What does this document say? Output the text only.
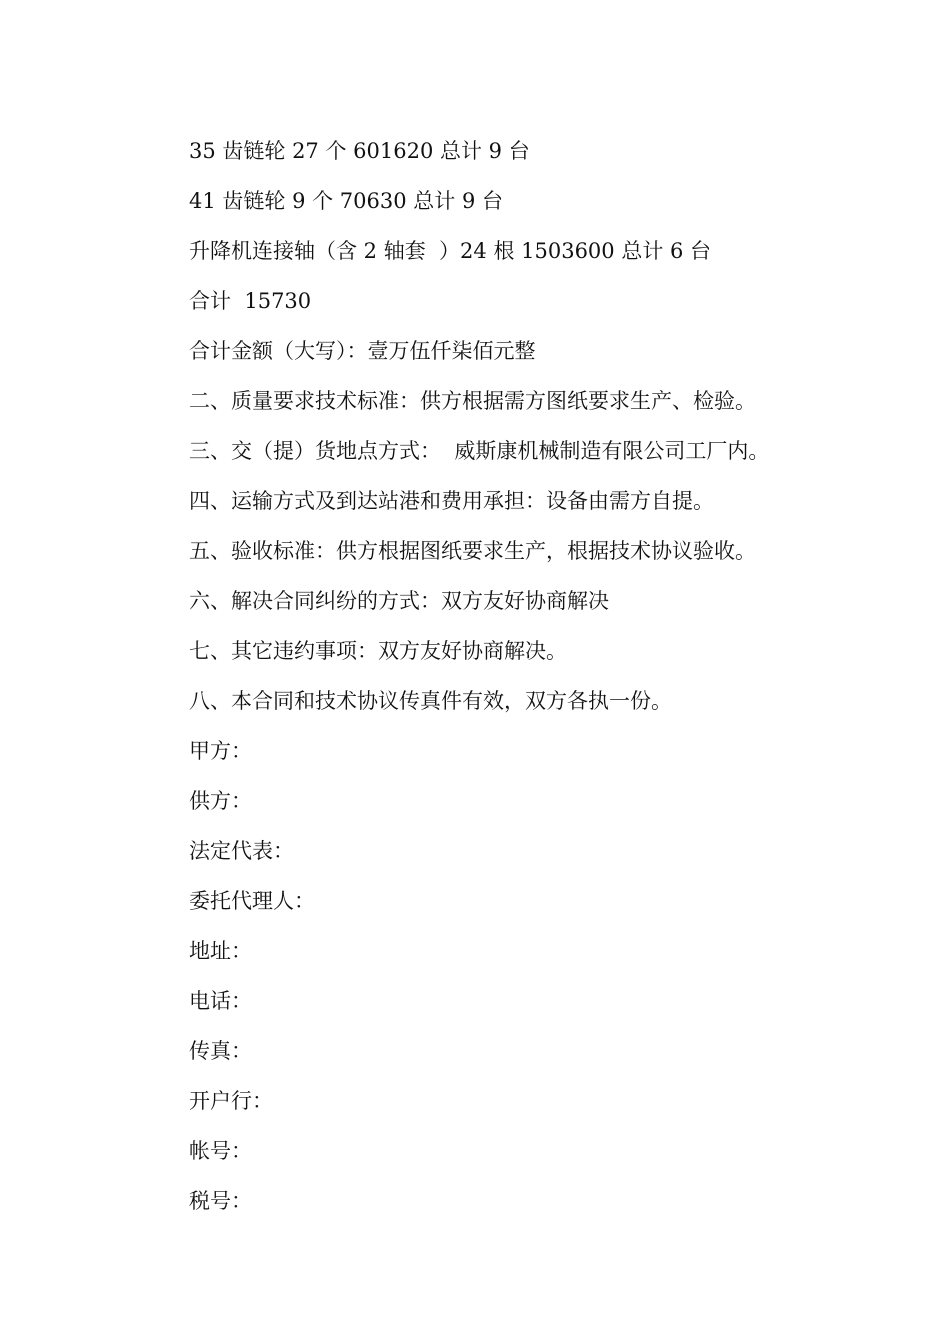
35 齿链轮 27 个 601620 总计 9 台
41 齿链轮 9 个 70630 总计 9 台
升降机连接轴（含 2 轴套  ）24 根 1503600 总计 6 台
合计  15730
合计金额（大写）：壹万伍仟柒佰元整
二、质量要求技术标准：供方根据需方图纸要求生产、检验。
三、交（提）货地点方式：  威斯康机械制造有限公司工厂内。
四、运输方式及到达站港和费用承担：设备由需方自提。
五、验收标准：供方根据图纸要求生产，根据技术协议验收。
六、解决合同纠纷的方式：双方友好协商解决
七、其它违约事项：双方友好协商解决。
八、本合同和技术协议传真件有效，双方各执一份。
甲方：
供方：
法定代表：
委托代理人：
地址：
电话：
传真：
开户行：
帐号：
税号：
